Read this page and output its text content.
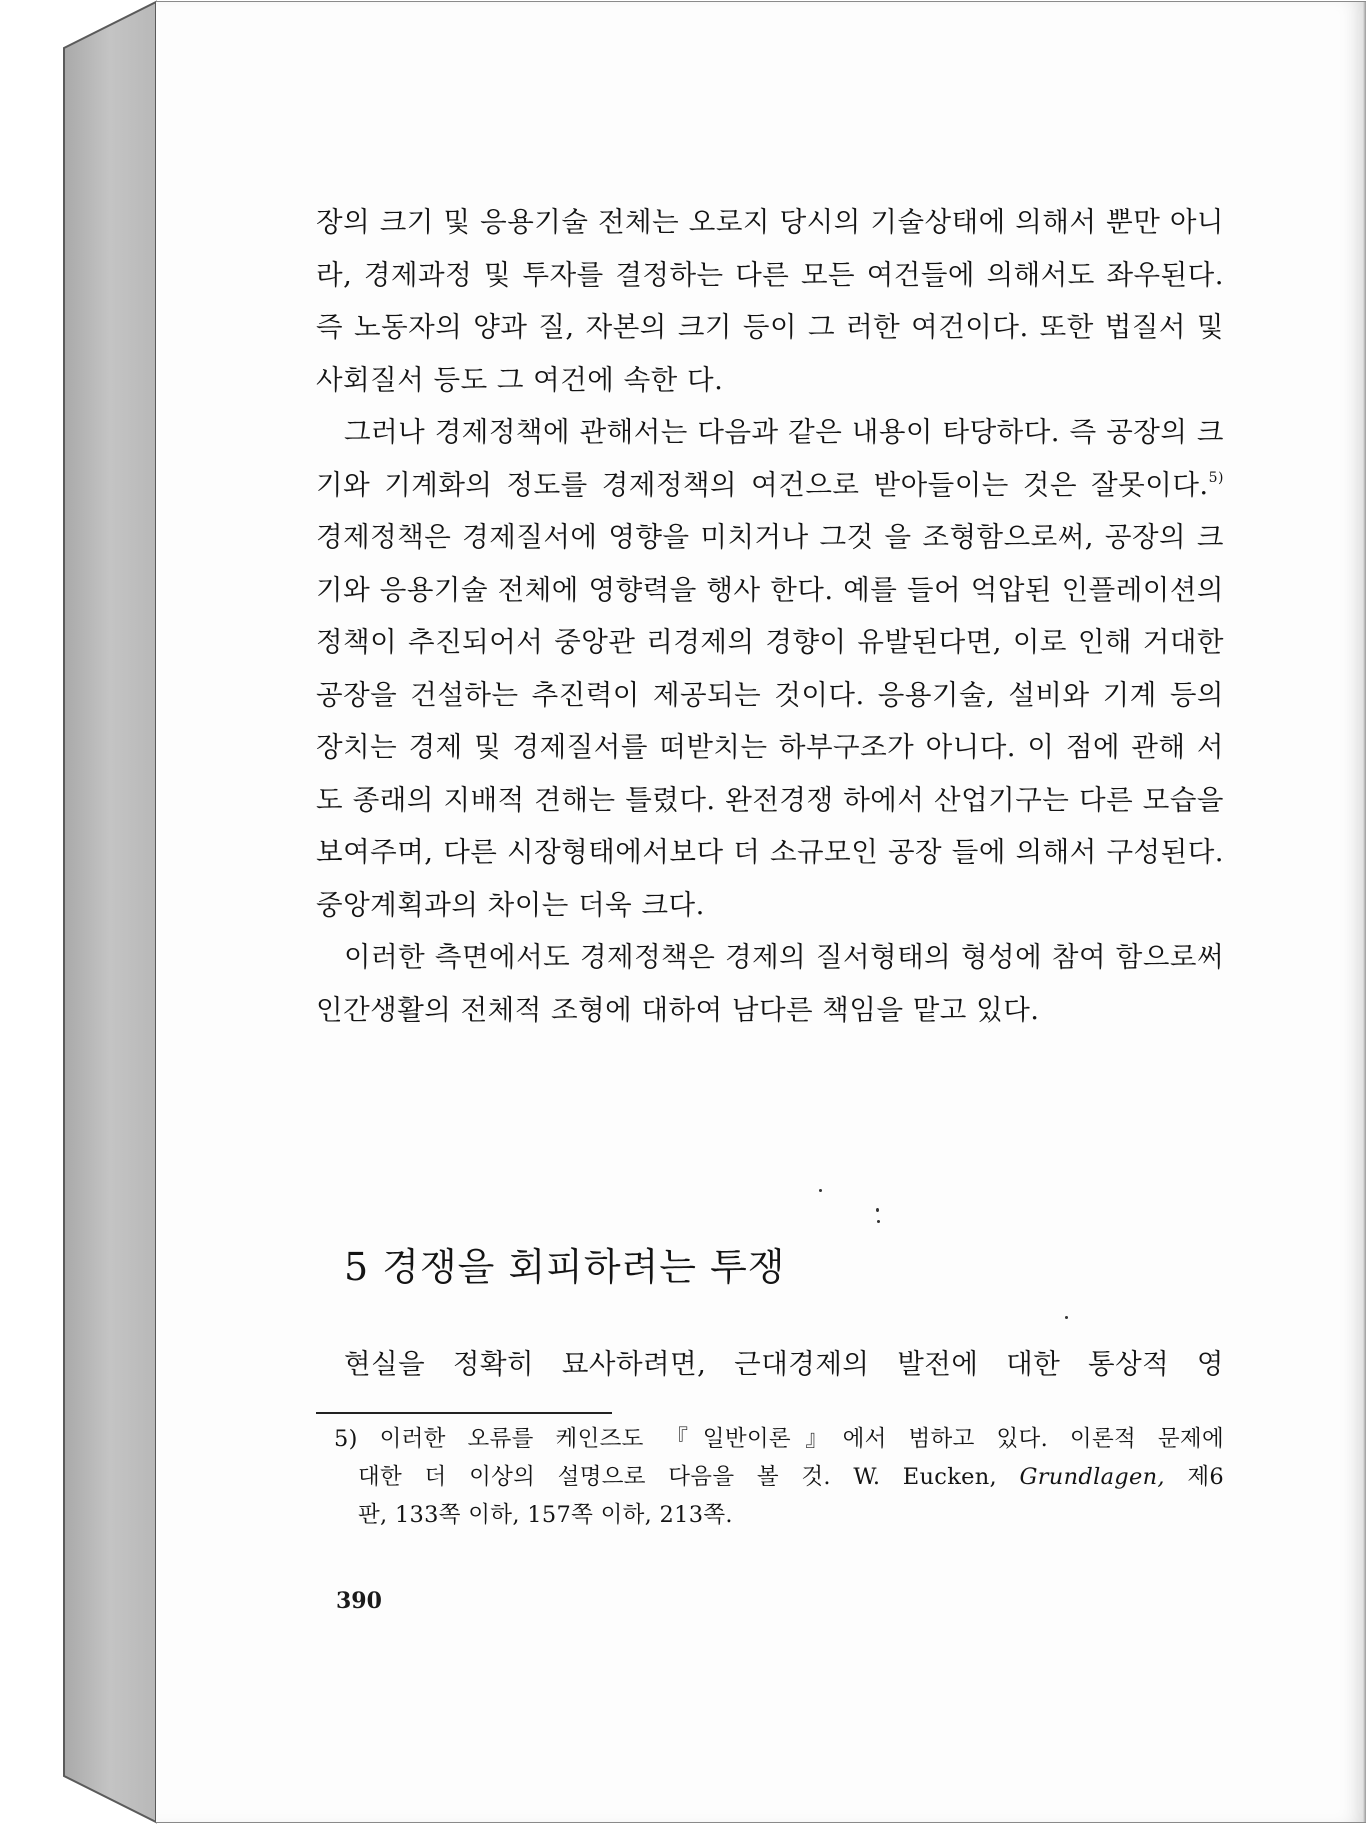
장의 크기 및 응용기술 전체는 오로지 당시의 기술상태에 의해서 뿐만 아니라, 경제과정 및 투자를 결정하는 다른 모든 여건들에 의해서도 좌우된다. 즉 노동자의 양과 질, 자본의 크기 등이 그 러한 여건이다. 또한 법질서 및 사회질서 등도 그 여건에 속한 다.

그러나 경제정책에 관해서는 다음과 같은 내용이 타당하다. 즉 공장의 크기와 기계화의 정도를 경제정책의 여건으로 받아들이는 것은 잘못이다.$^{5)}$ 경제정책은 경제질서에 영향을 미치거나 그것 을 조형함으로써, 공장의 크기와 응용기술 전체에 영향력을 행사 한다. 예를 들어 억압된 인플레이션의 정책이 추진되어서 중앙관 리경제의 경향이 유발된다면, 이로 인해 거대한 공장을 건설하는 추진력이 제공되는 것이다. 응용기술, 설비와 기계 등의 장치는 경제 및 경제질서를 떠받치는 하부구조가 아니다. 이 점에 관해 서도 종래의 지배적 견해는 틀렸다. 완전경쟁 하에서 산업기구는 다른 모습을 보여주며, 다른 시장형태에서보다 더 소규모인 공장 들에 의해서 구성된다. 중앙계획과의 차이는 더욱 크다.

이러한 측면에서도 경제정책은 경제의 질서형태의 형성에 참여 함으로써 인간생활의 전체적 조형에 대하여 남다른 책임을 맡고 있다.

5 경쟁을 회피하려는 투쟁

현실을 정확히 묘사하려면, 근대경제의 발전에 대한 통상적 영

5) 이러한 오류를 케인즈도 『일반이론』에서 범하고 있다. 이론적 문제에
대한 더 이상의 설명으로 다음을 볼 것. W. Eucken, Grundlagen, 제6
판, 133쪽 이하, 157쪽 이하, 213쪽.
390
